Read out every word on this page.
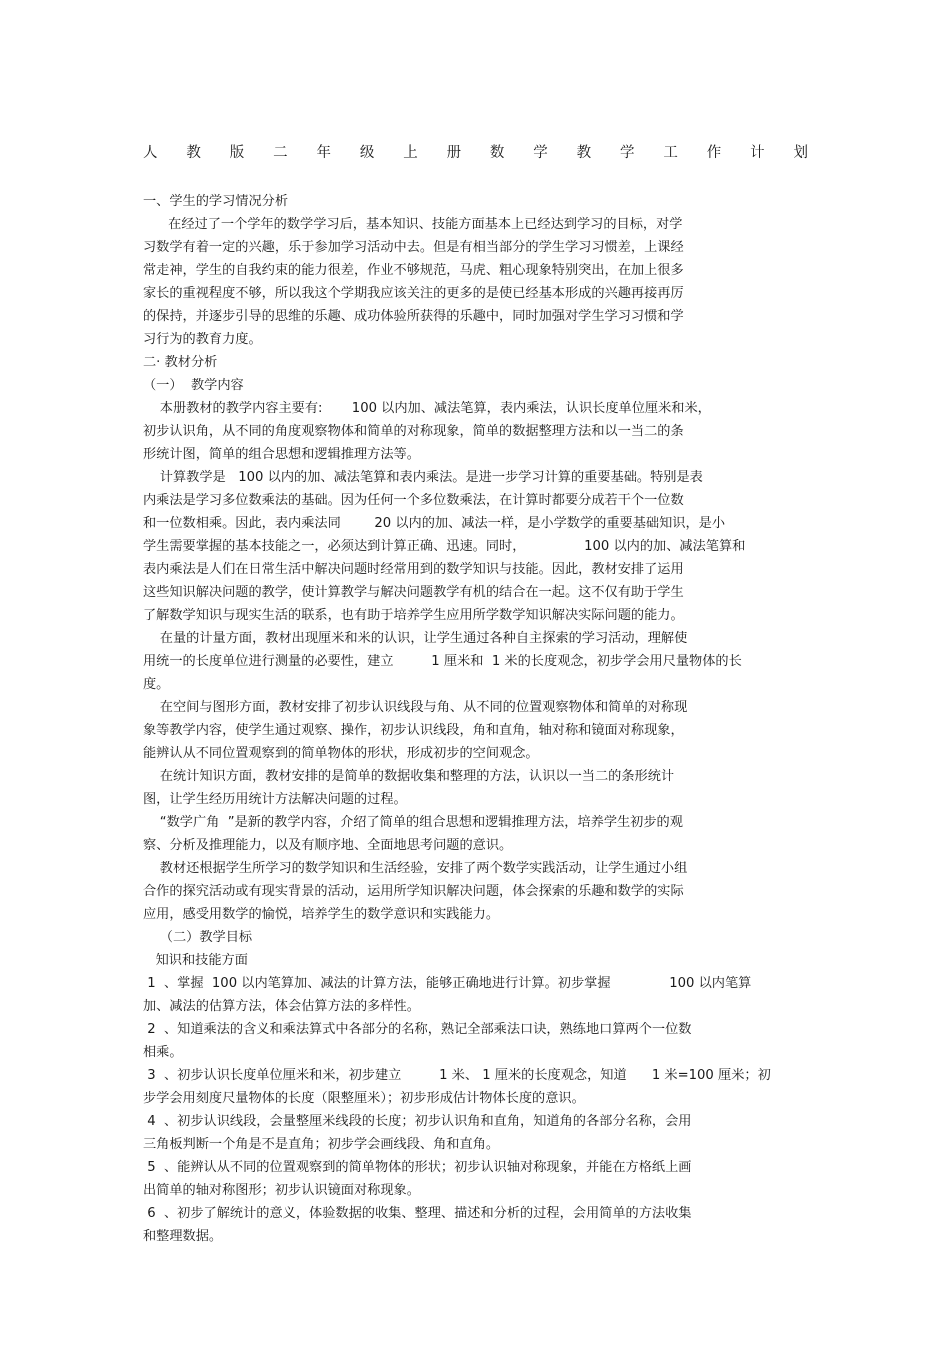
人  教  版  二  年  级  上  册  数  学  教  学  工  作  计  划
一、学生的学习情况分析
在经过了一个学年的数学学习后，基本知识、技能方面基本上已经达到学习的目标，对学
习数学有着一定的兴趣，乐于参加学习活动中去。但是有相当部分的学生学习习惯差，上课经
常走神，学生的自我约束的能力很差，作业不够规范，马虎、粗心现象特别突出，在加上很多
家长的重视程度不够，所以我这个学期我应该关注的更多的是使已经基本形成的兴趣再接再厉
的保持，并逐步引导的思维的乐趣、成功体验所获得的乐趣中，同时加强对学生学习习惯和学
习行为的教育力度。
二· 教材分析
（一）  教学内容
本册教材的教学内容主要有:       100 以内加、减法笔算，表内乘法，认识长度单位厘米和米，
初步认识角，从不同的角度观察物体和简单的对称现象，简单的数据整理方法和以一当二的条
形统计图，简单的组合思想和逻辑推理方法等。
计算教学是   100 以内的加、减法笔算和表内乘法。是进一步学习计算的重要基础。特别是表
内乘法是学习多位数乘法的基础。因为任何一个多位数乘法，在计算时都要分成若干个一位数
和一位数相乘。因此，表内乘法同        20 以内的加、减法一样，是小学数学的重要基础知识，是小
学生需要掌握的基本技能之一，必须达到计算正确、迅速。同时，              100 以内的加、减法笔算和
表内乘法是人们在日常生活中解决问题时经常用到的数学知识与技能。因此，教材安排了运用
这些知识解决问题的教学，使计算教学与解决问题教学有机的结合在一起。这不仅有助于学生
了解数学知识与现实生活的联系，也有助于培养学生应用所学数学知识解决实际问题的能力。
在量的计量方面，教材出现厘米和米的认识，让学生通过各种自主探索的学习活动，理解使
用统一的长度单位进行测量的必要性，建立         1 厘米和  1 米的长度观念，初步学会用尺量物体的长
度。
在空间与图形方面，教材安排了初步认识线段与角、从不同的位置观察物体和简单的对称现
象等教学内容，使学生通过观察、操作，初步认识线段，角和直角，轴对称和镜面对称现象，
能辨认从不同位置观察到的简单物体的形状，形成初步的空间观念。
在统计知识方面，教材安排的是简单的数据收集和整理的方法，认识以一当二的条形统计
图，让学生经历用统计方法解决问题的过程。
“数学广角  ”是新的教学内容，介绍了简单的组合思想和逻辑推理方法，培养学生初步的观
察、分析及推理能力，以及有顺序地、全面地思考问题的意识。
教材还根据学生所学习的数学知识和生活经验，安排了两个数学实践活动，让学生通过小组
合作的探究活动或有现实背景的活动，运用所学知识解决问题，体会探索的乐趣和数学的实际
应用，感受用数学的愉悦，培养学生的数学意识和实践能力。
（二）教学目标
知识和技能方面
1  、掌握  100 以内笔算加、减法的计算方法，能够正确地进行计算。初步掌握              100 以内笔算
加、减法的估算方法，体会估算方法的多样性。
2  、知道乘法的含义和乘法算式中各部分的名称，熟记全部乘法口诀，熟练地口算两个一位数
相乘。
3  、初步认识长度单位厘米和米，初步建立         1 米、 1 厘米的长度观念，知道      1 米=100 厘米；初
步学会用刻度尺量物体的长度（限整厘米）；初步形成估计物体长度的意识。
4  、初步认识线段，会量整厘米线段的长度；初步认识角和直角，知道角的各部分名称，会用
三角板判断一个角是不是直角；初步学会画线段、角和直角。
5  、能辨认从不同的位置观察到的简单物体的形状；初步认识轴对称现象，并能在方格纸上画
出简单的轴对称图形；初步认识镜面对称现象。
6  、初步了解统计的意义，体验数据的收集、整理、描述和分析的过程，会用简单的方法收集
和整理数据。
